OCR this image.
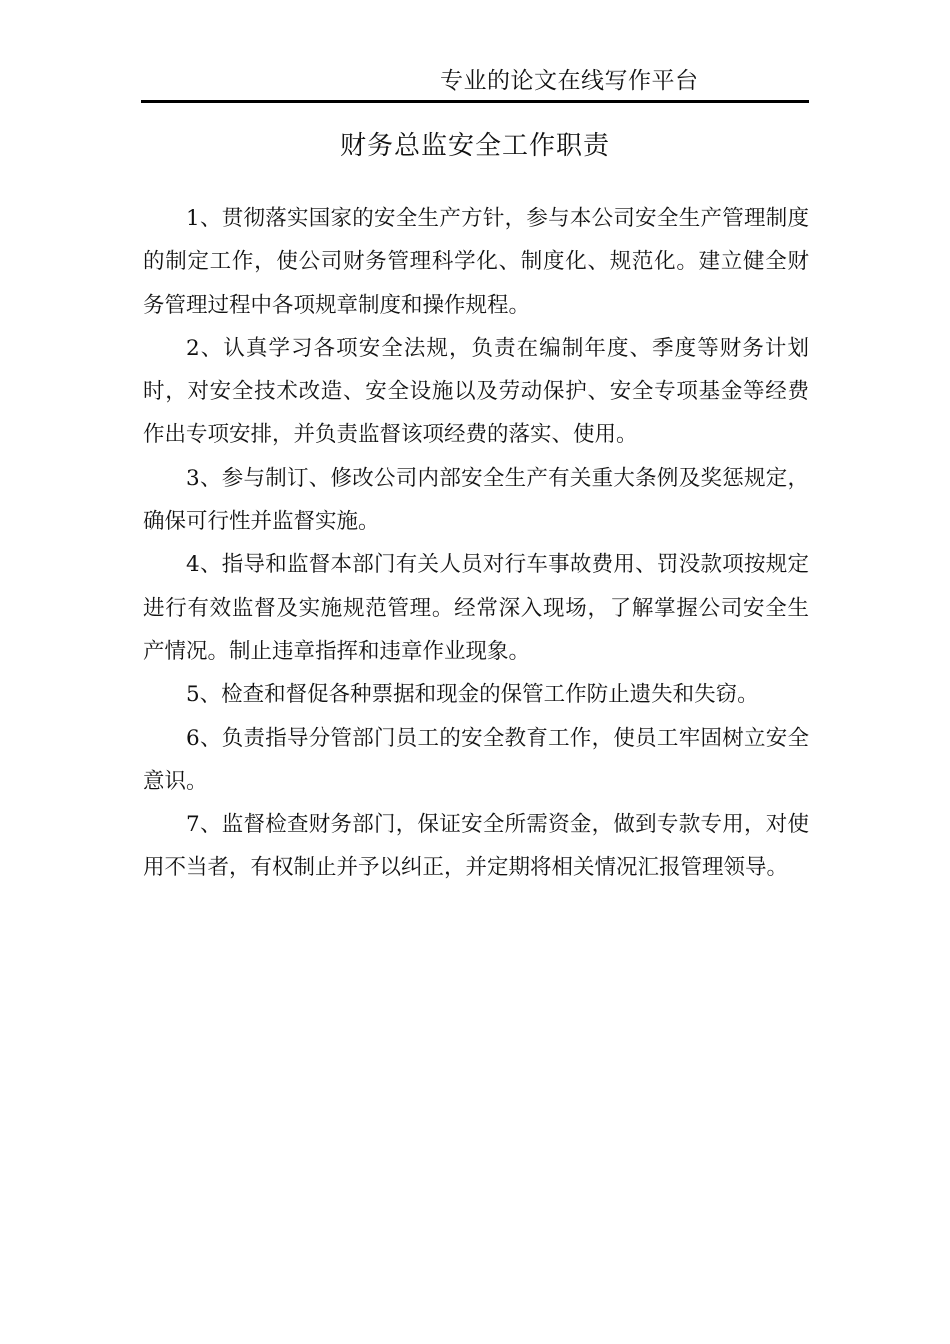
专业的论文在线写作平台
财务总监安全工作职责

1、贯彻落实国家的安全生产方针，参与本公司安全生产管理制度的制定工作，使公司财务管理科学化、制度化、规范化。建立健全财务管理过程中各项规章制度和操作规程。

2、认真学习各项安全法规，负责在编制年度、季度等财务计划时，对安全技术改造、安全设施以及劳动保护、安全专项基金等经费作出专项安排，并负责监督该项经费的落实、使用。

3、参与制订、修改公司内部安全生产有关重大条例及奖惩规定，确保可行性并监督实施。

4、指导和监督本部门有关人员对行车事故费用、罚没款项按规定进行有效监督及实施规范管理。经常深入现场，了解掌握公司安全生产情况。制止违章指挥和违章作业现象。

5、检查和督促各种票据和现金的保管工作防止遗失和失窃。

6、负责指导分管部门员工的安全教育工作，使员工牢固树立安全意识。

7、监督检查财务部门，保证安全所需资金，做到专款专用，对使用不当者，有权制止并予以纠正，并定期将相关情况汇报管理领导。
